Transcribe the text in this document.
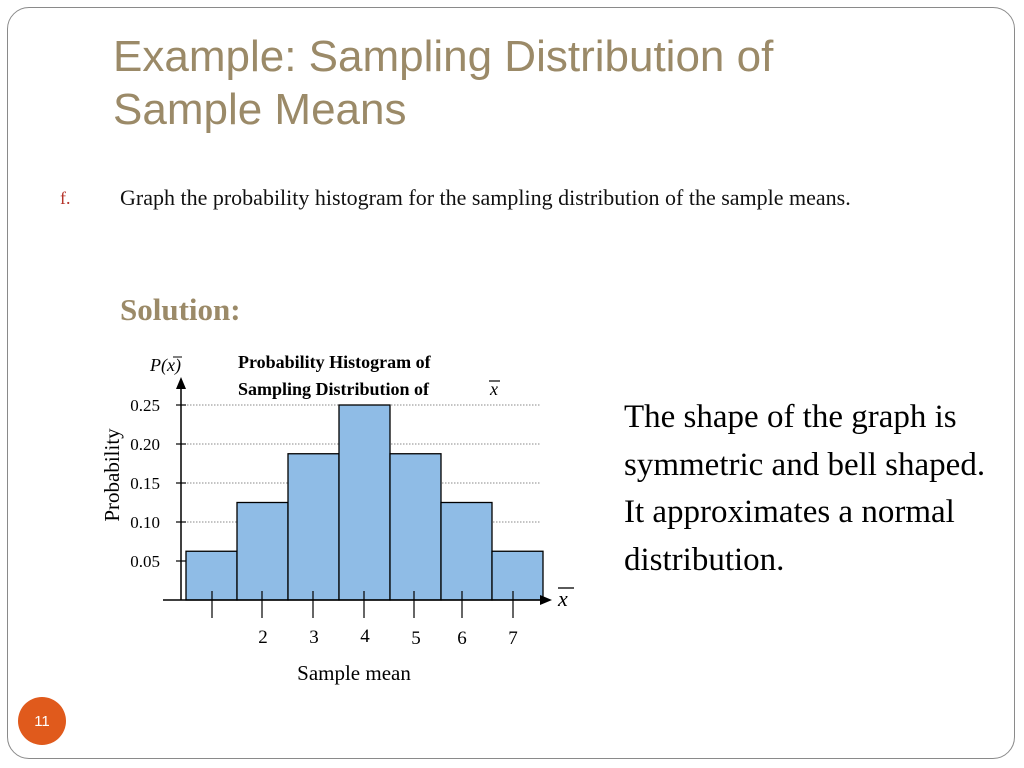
Example: Sampling Distribution of
Sample Means
f. Graph the probability histogram for the sampling distribution of the sample means.
Solution:
0.25
0.20
0.15
0.10
0.05
2 3 4 5 6 7
Probability Histogram of
Sampling Distribution of	x
P(x)
Probability
Sample mean
x
The shape of the graph is symmetric and bell shaped. It approximates a normal distribution.
11
